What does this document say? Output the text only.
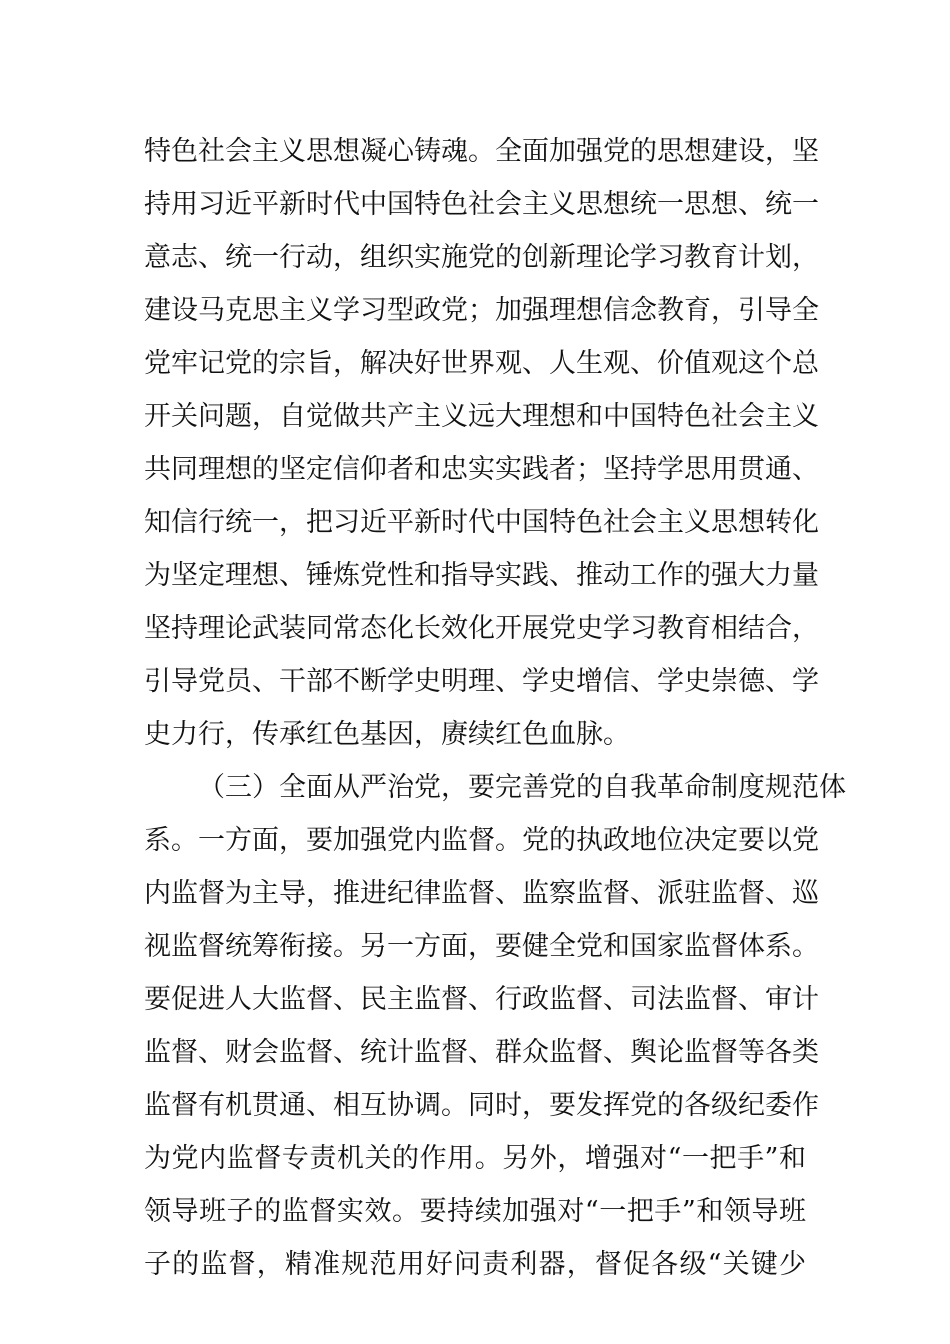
特色社会主义思想凝心铸魂。全面加强党的思想建设，坚
持用习近平新时代中国特色社会主义思想统一思想、统一
意志、统一行动，组织实施党的创新理论学习教育计划，
建设马克思主义学习型政党；加强理想信念教育，引导全
党牢记党的宗旨，解决好世界观、人生观、价值观这个总
开关问题，自觉做共产主义远大理想和中国特色社会主义
共同理想的坚定信仰者和忠实实践者；坚持学思用贯通、
知信行统一，把习近平新时代中国特色社会主义思想转化
为坚定理想、锤炼党性和指导实践、推动工作的强大力量
坚持理论武装同常态化长效化开展党史学习教育相结合，
引导党员、干部不断学史明理、学史增信、学史崇德、学
史力行，传承红色基因，赓续红色血脉。
（三）全面从严治党，要完善党的自我革命制度规范体
系。一方面，要加强党内监督。党的执政地位决定要以党
内监督为主导，推进纪律监督、监察监督、派驻监督、巡
视监督统筹衔接。另一方面，要健全党和国家监督体系。
要促进人大监督、民主监督、行政监督、司法监督、审计
监督、财会监督、统计监督、群众监督、舆论监督等各类
监督有机贯通、相互协调。同时，要发挥党的各级纪委作
为党内监督专责机关的作用。另外，增强对“一把手”和
领导班子的监督实效。要持续加强对“一把手”和领导班
子的监督，精准规范用好问责利器，督促各级“关键少
